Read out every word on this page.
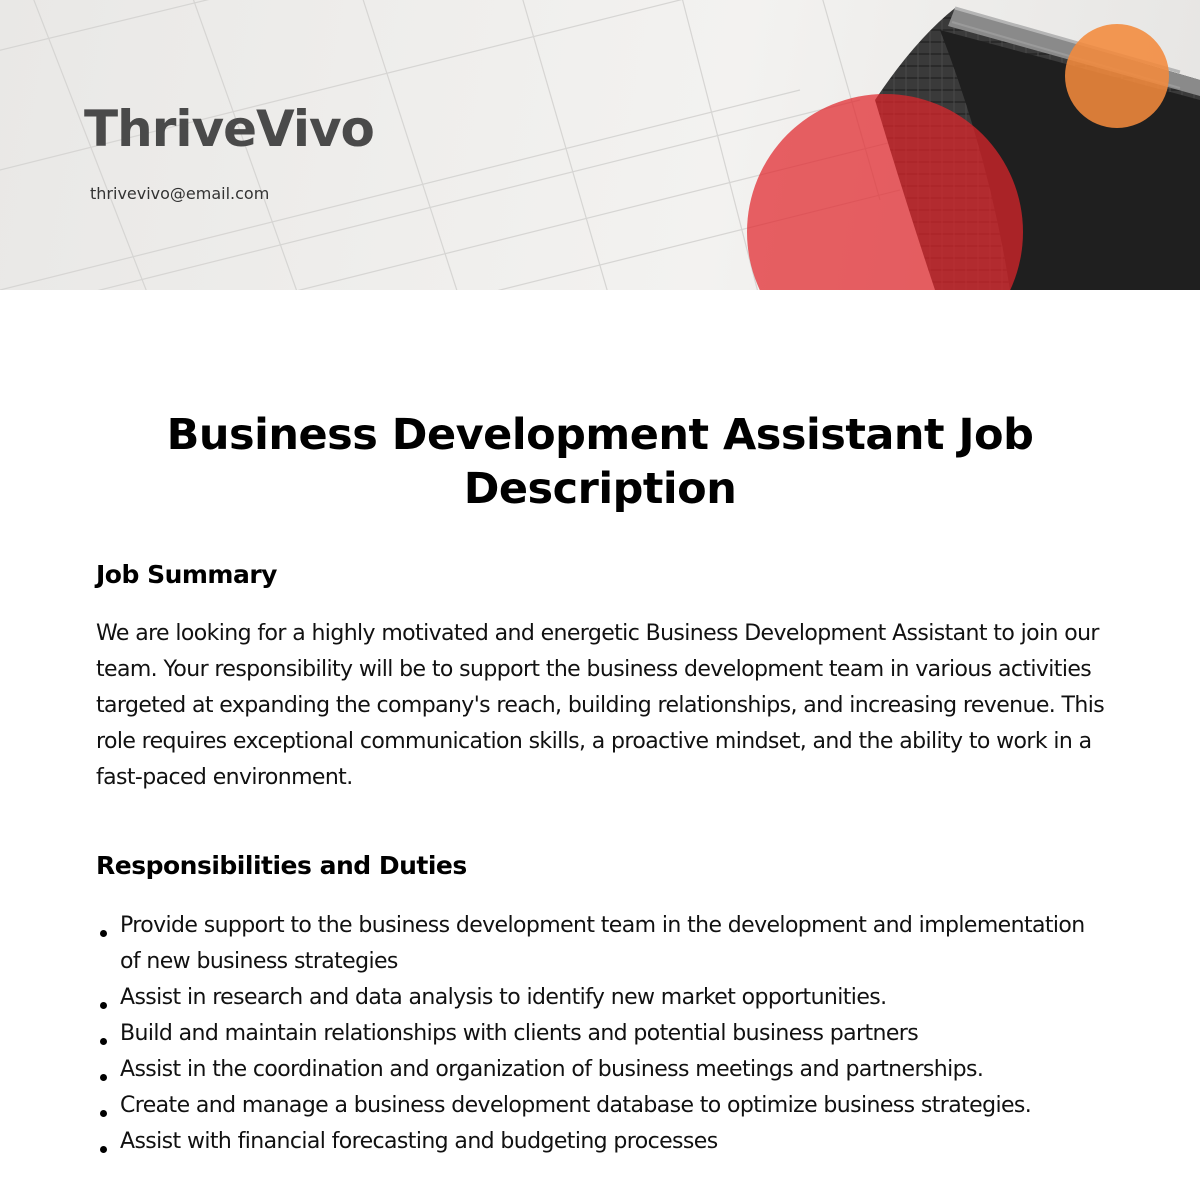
ThriveVivo

thrivevivo@email.com

Business Development Assistant Job Description
Job Summary

We are looking for a highly motivated and energetic Business Development Assistant to join our team. Your responsibility will be to support the business development team in various activities targeted at expanding the company's reach, building relationships, and increasing revenue. This role requires exceptional communication skills, a proactive mindset, and the ability to work in a fast-paced environment.

Responsibilities and Duties
Provide support to the business development team in the development and implementation of new business strategies
Assist in research and data analysis to identify new market opportunities.
Build and maintain relationships with clients and potential business partners
Assist in the coordination and organization of business meetings and partnerships.
Create and manage a business development database to optimize business strategies.
Assist with financial forecasting and budgeting processes
